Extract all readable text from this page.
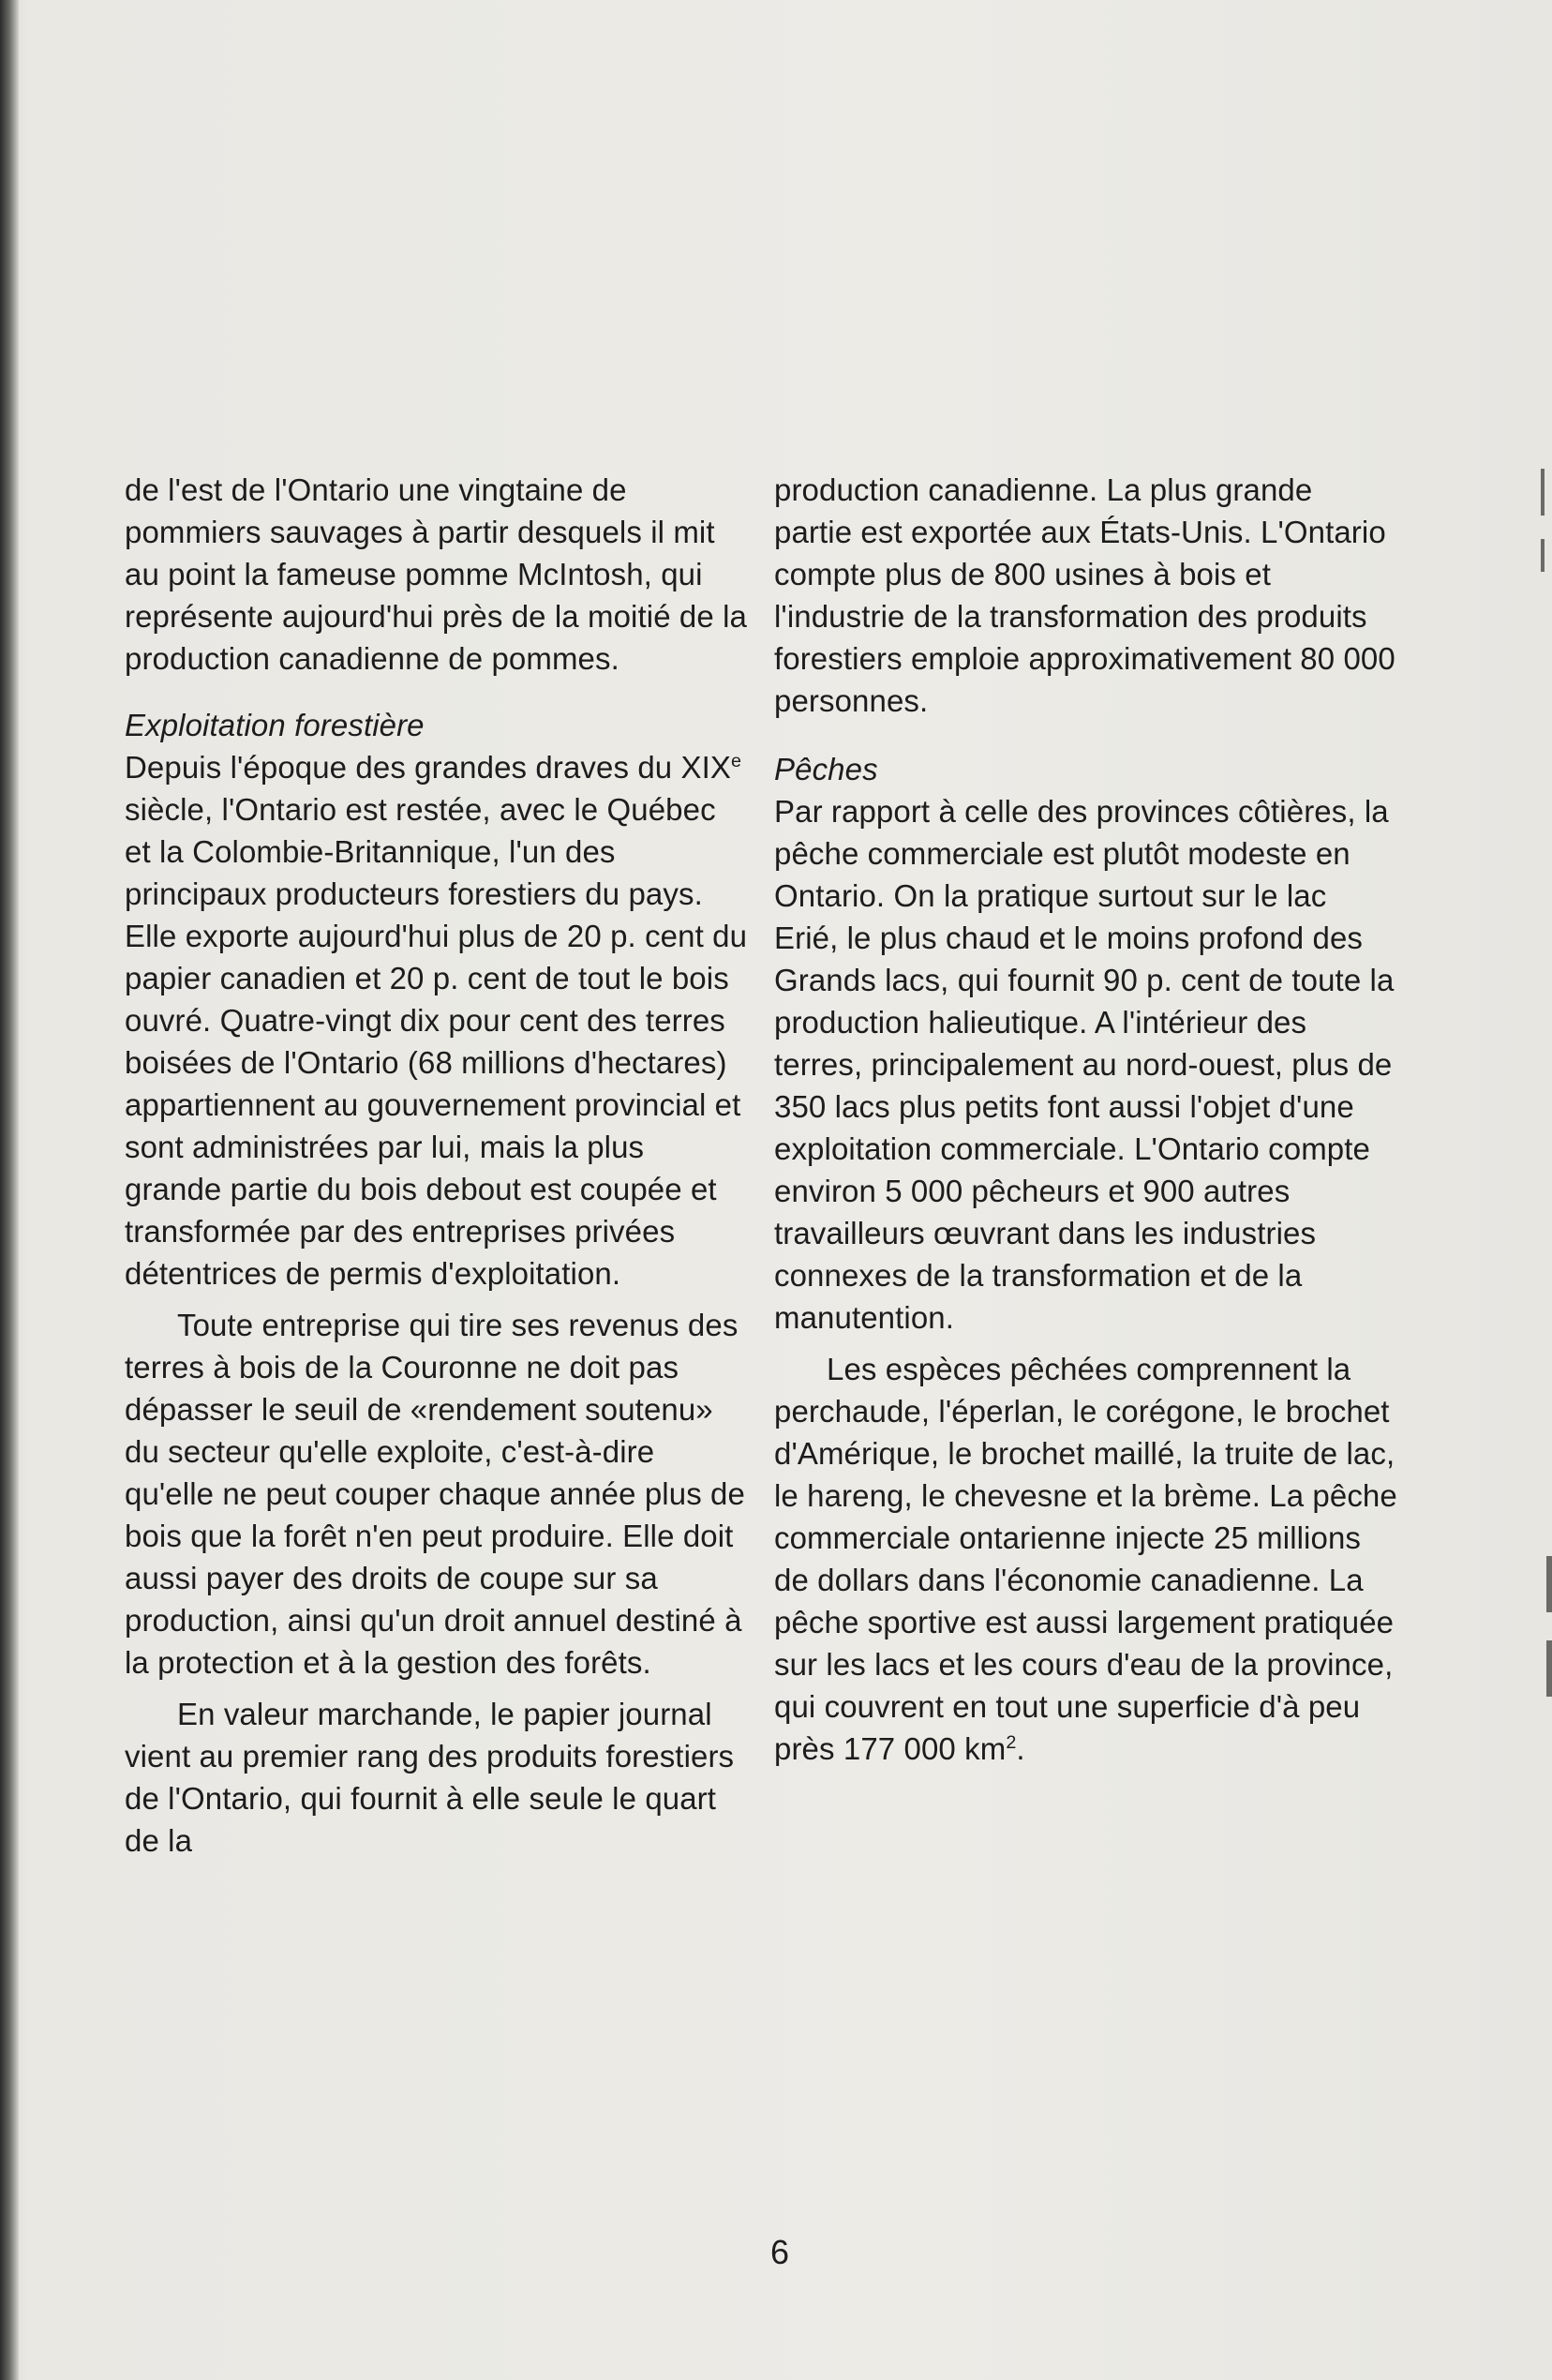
de l'est de l'Ontario une vingtaine de pommiers sauvages à partir desquels il mit au point la fameuse pomme McIntosh, qui représente aujourd'hui près de la moitié de la production canadienne de pommes.

Exploitation forestière

Depuis l'époque des grandes draves du XIXe siècle, l'Ontario est restée, avec le Québec et la Colombie-Britannique, l'un des principaux producteurs forestiers du pays. Elle exporte aujourd'hui plus de 20 p. cent du papier canadien et 20 p. cent de tout le bois ouvré. Quatre-vingt dix pour cent des terres boisées de l'Ontario (68 millions d'hectares) appartiennent au gouvernement provincial et sont administrées par lui, mais la plus grande partie du bois debout est coupée et transformée par des entreprises privées détentrices de permis d'exploitation.

Toute entreprise qui tire ses revenus des terres à bois de la Couronne ne doit pas dépasser le seuil de «rendement soutenu» du secteur qu'elle exploite, c'est-à-dire qu'elle ne peut couper chaque année plus de bois que la forêt n'en peut produire. Elle doit aussi payer des droits de coupe sur sa production, ainsi qu'un droit annuel destiné à la protection et à la gestion des forêts.

En valeur marchande, le papier journal vient au premier rang des produits forestiers de l'Ontario, qui fournit à elle seule le quart de la

production canadienne. La plus grande partie est exportée aux États-Unis. L'Ontario compte plus de 800 usines à bois et l'industrie de la transformation des produits forestiers emploie approximativement 80 000 personnes.

Pêches

Par rapport à celle des provinces côtières, la pêche commerciale est plutôt modeste en Ontario. On la pratique surtout sur le lac Erié, le plus chaud et le moins profond des Grands lacs, qui fournit 90 p. cent de toute la production halieutique. A l'intérieur des terres, principalement au nord-ouest, plus de 350 lacs plus petits font aussi l'objet d'une exploitation commerciale. L'Ontario compte environ 5 000 pêcheurs et 900 autres travailleurs œuvrant dans les industries connexes de la transformation et de la manutention.

Les espèces pêchées comprennent la perchaude, l'éperlan, le corégone, le brochet d'Amérique, le brochet maillé, la truite de lac, le hareng, le chevesne et la brème. La pêche commerciale ontarienne injecte 25 millions de dollars dans l'économie canadienne. La pêche sportive est aussi largement pratiquée sur les lacs et les cours d'eau de la province, qui couvrent en tout une superficie d'à peu près 177 000 $km^2$.

6
